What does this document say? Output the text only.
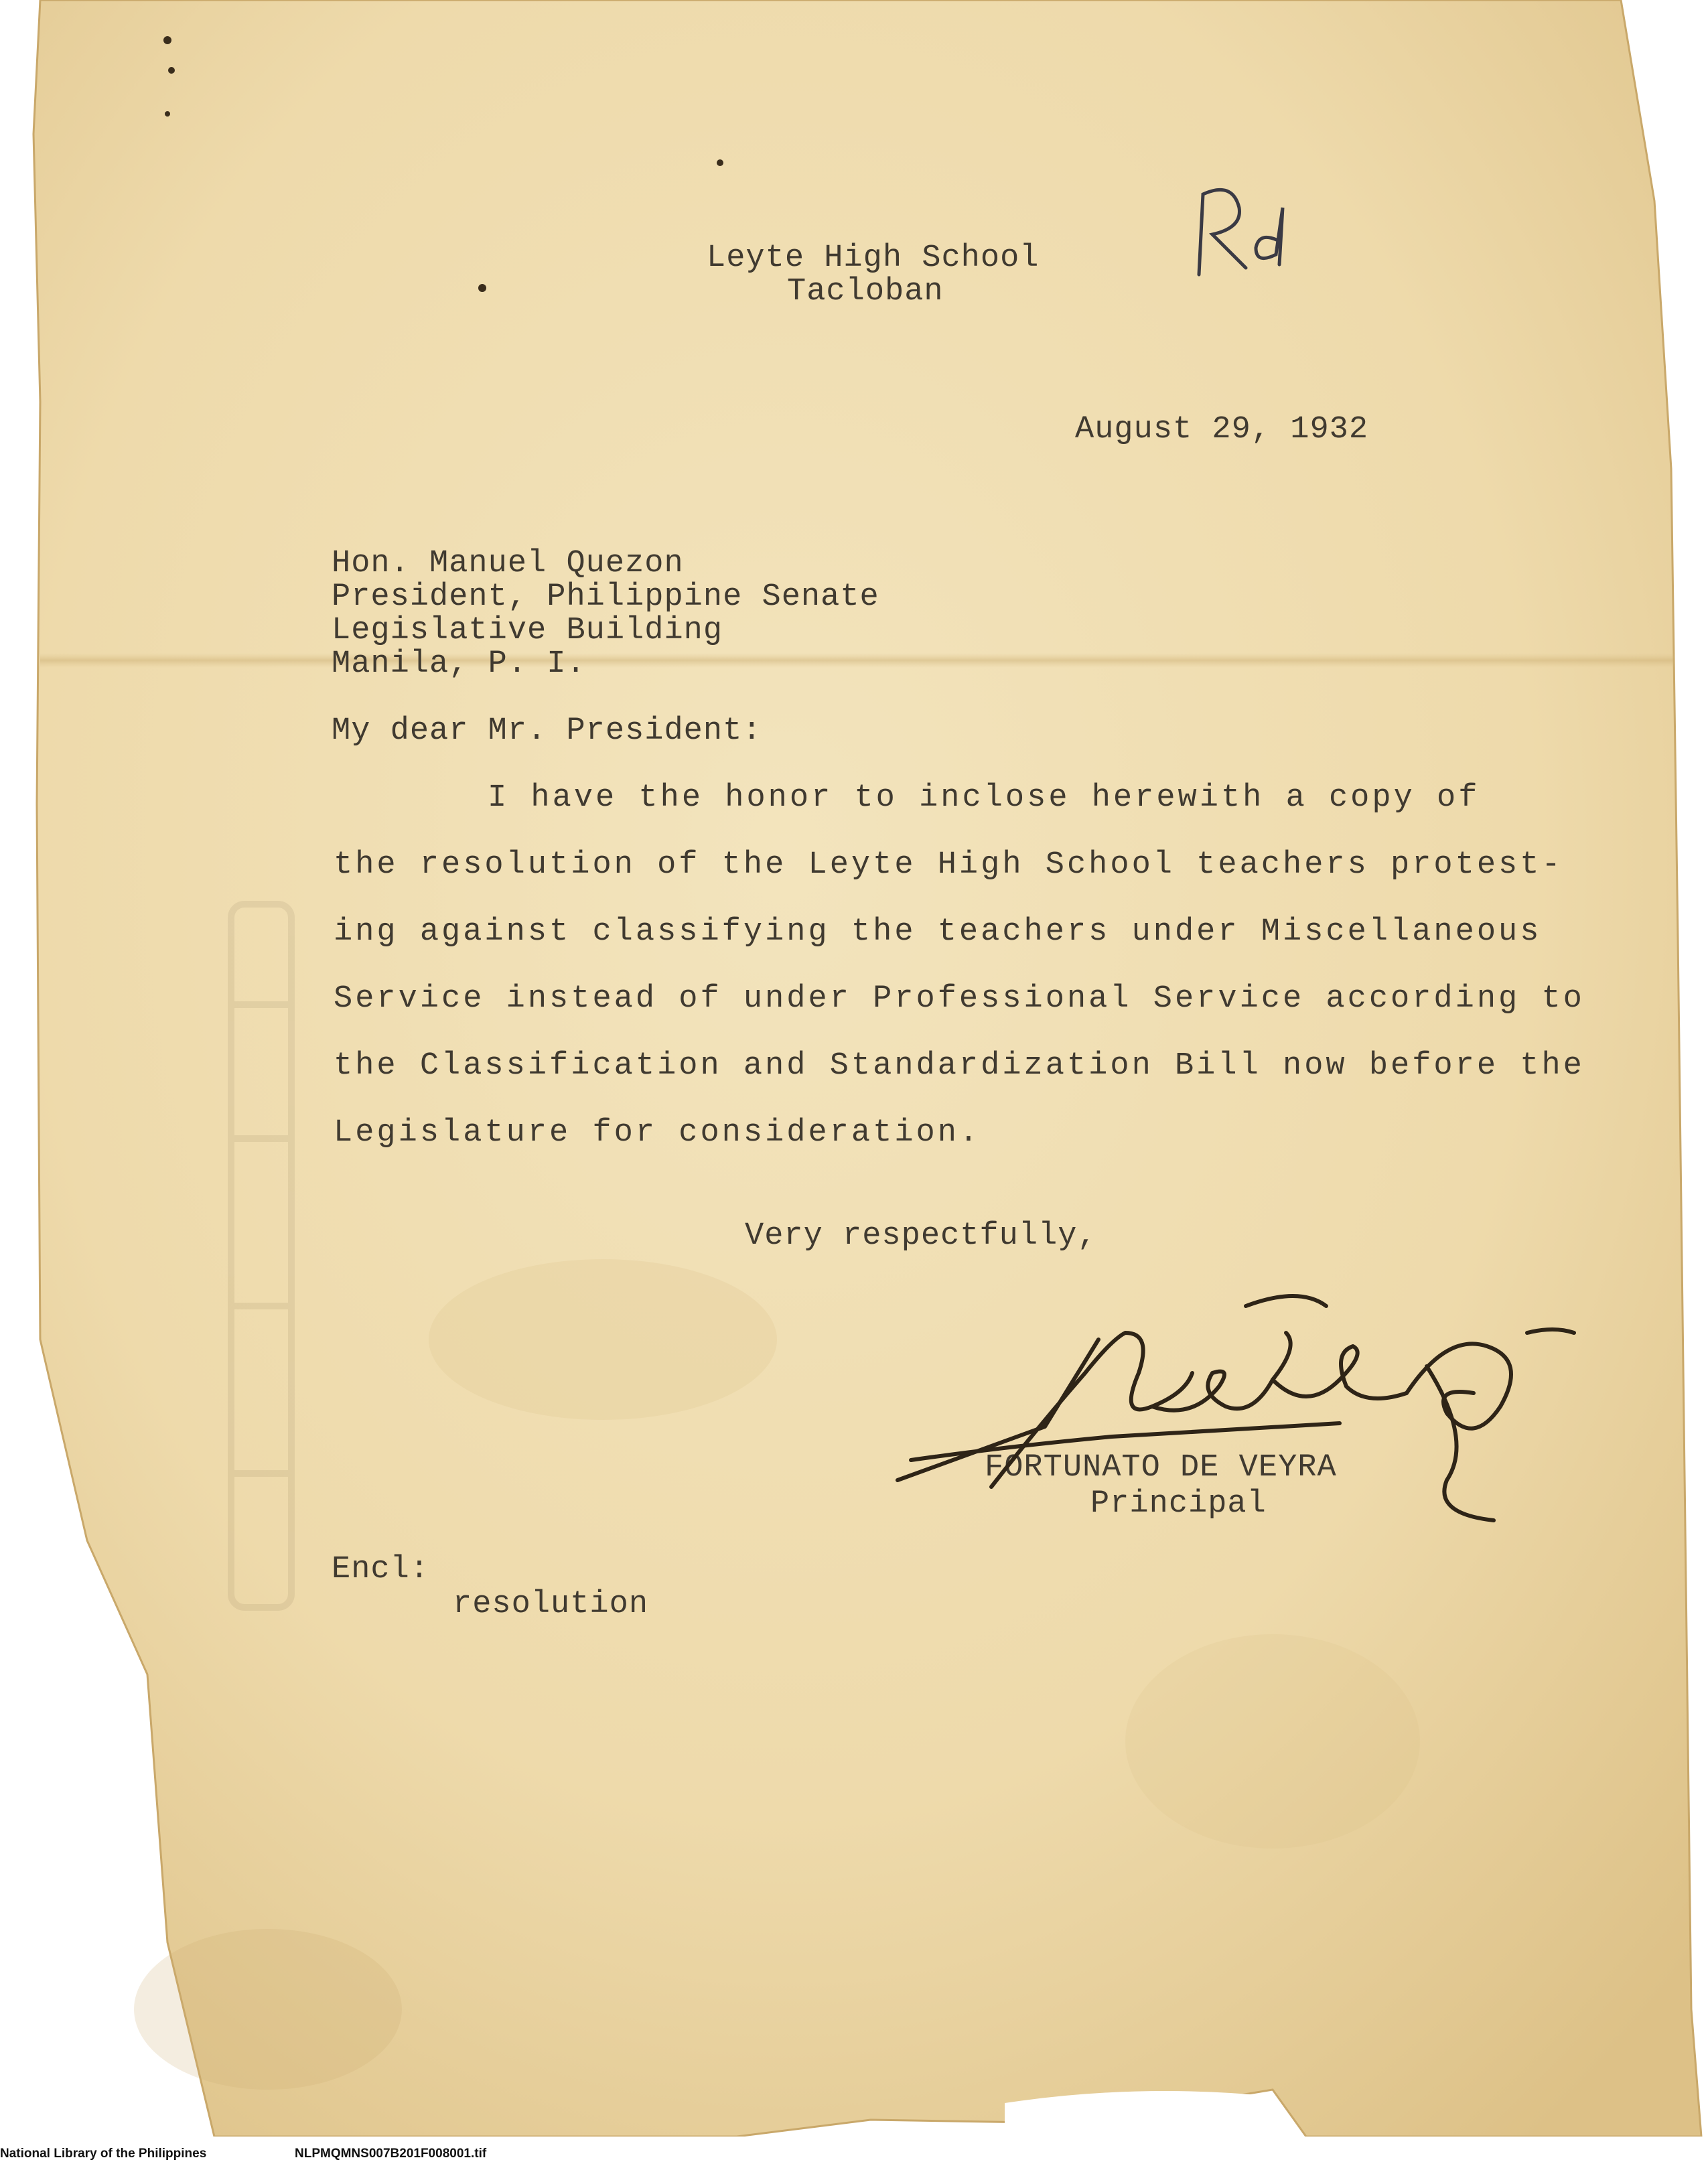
Leyte High School
Tacloban
August 29, 1932
Hon. Manuel Quezon
President, Philippine Senate
Legislative Building
Manila, P. I.
My dear Mr. President:
I have the honor to inclose herewith a copy of
the resolution of the Leyte High School teachers protest-
ing against classifying the teachers under Miscellaneous
Service instead of under Professional Service according to
the Classification and Standardization Bill now before the
Legislature for consideration.
Very respectfully,
FORTUNATO DE VEYRA
Principal
Encl:
resolution
National Library of the Philippines	NLPMQMNS007B201F008001.tif
